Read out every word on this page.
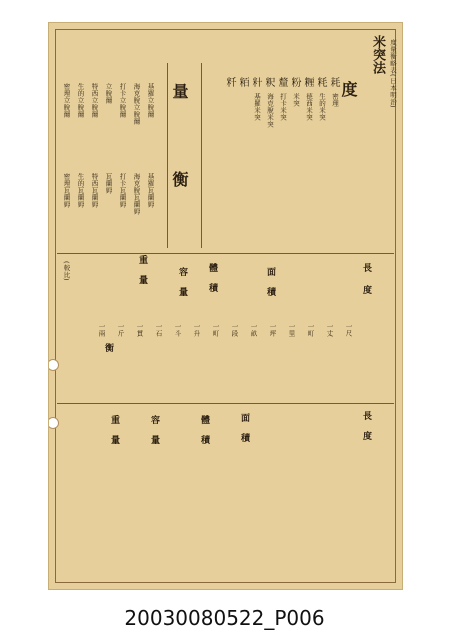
米突法 度量衡略表(日本明治)
度
量
衡
耗
粍
糎
粉
釐
粎
籵
粨
粁
密理
生的米突
德西米突
米突
打卡米突
海克脫米突
基羅米突
密理立脫爾 生的立脫爾 特西立脫爾 立脫爾 打卡立脫爾 海克脫立脫爾 基羅立脫爾
密理瓦蘭姆 生的瓦蘭姆 特西瓦蘭姆 瓦蘭姆 打卡瓦蘭姆 海克脫瓦蘭姆 基羅瓦蘭姆
(較比)	長
度
面
積
體
積
容
量
重
量
衡
一尺
一丈
一町
一里
一坪
一畝
一段
一町
一升
一斗
一石
一貫
一斤
一兩
長
度
面
積
體
積
容
量
重
量
20030080522_P006
